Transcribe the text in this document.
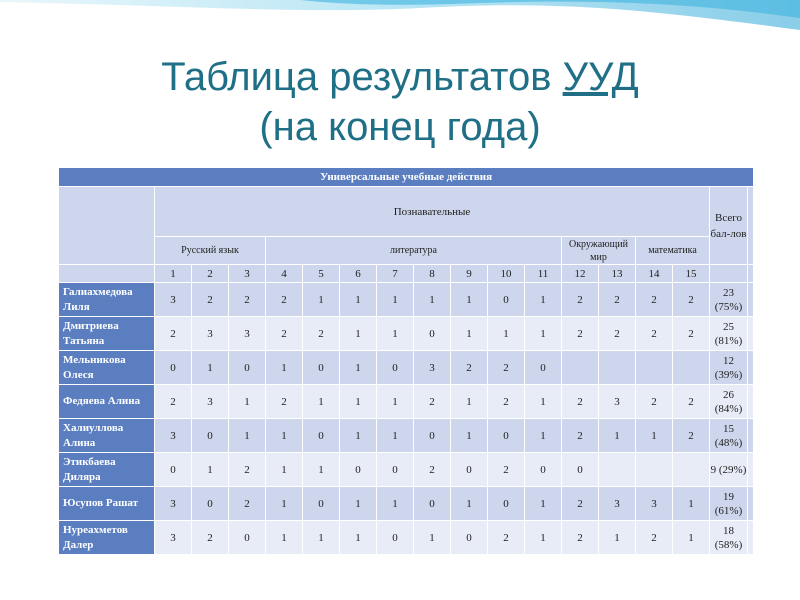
Таблица результатов УУД
(на конец года)
Универсальные учебные действия																	
	Познавательные															Всего бал-лов	
	Русский язык			литература								Окружающий мир		математика			
	1	2	3	4	5	6	7	8	9	10	11	12	13	14	15		
Галиахмедова Лиля	3	2	2	2	1	1	1	1	1	0	1	2	2	2	2	23 (75%)	
Дмитриева Татьяна	2	3	3	2	2	1	1	0	1	1	1	2	2	2	2	25 (81%)	
Мельникова Олеся	0	1	0	1	0	1	0	3	2	2	0					12 (39%)	
Федяева Алина	2	3	1	2	1	1	1	2	1	2	1	2	3	2	2	26 (84%)	
Халиуллова Алина	3	0	1	1	0	1	1	0	1	0	1	2	1	1	2	15 (48%)	
Этикбаева Диляра	0	1	2	1	1	0	0	2	0	2	0	0				9 (29%)	
Юсупов Рашат	3	0	2	1	0	1	1	0	1	0	1	2	3	3	1	19 (61%)	
Нуреахметов Далер	3	2	0	1	1	1	0	1	0	2	1	2	1	2	1	18 (58%)	
